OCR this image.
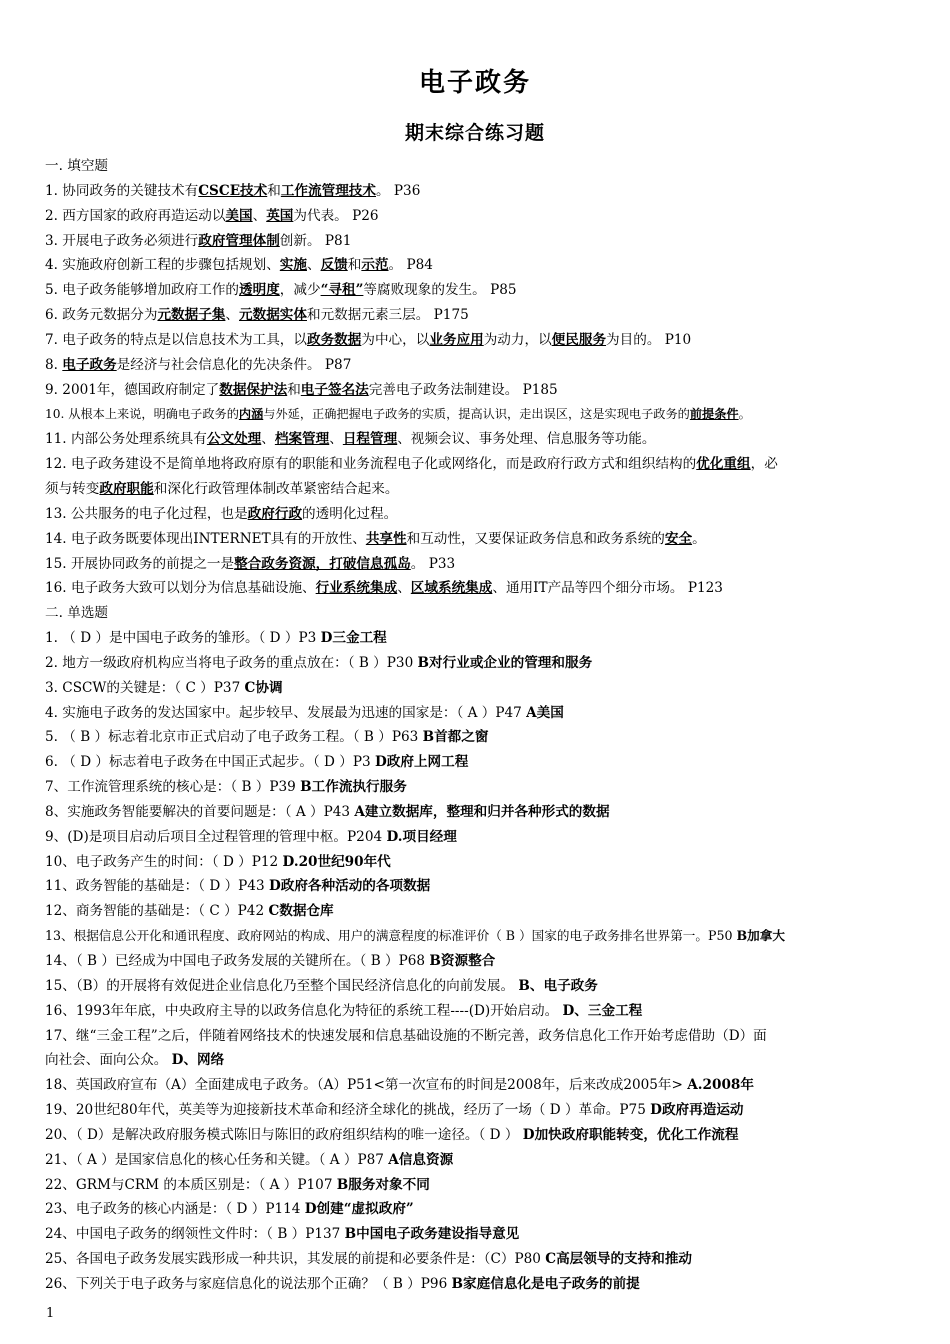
电子政务
期末综合练习题
一. 填空题
1. 协同政务的关键技术有CSCE技术和工作流管理技术。 P36
2. 西方国家的政府再造运动以美国、英国为代表。 P26
3. 开展电子政务必须进行政府管理体制创新。 P81
4. 实施政府创新工程的步骤包括规划、实施、反馈和示范。 P84
5. 电子政务能够增加政府工作的透明度，减少“寻租”等腐败现象的发生。 P85
6. 政务元数据分为元数据子集、元数据实体和元数据元素三层。 P175
7. 电子政务的特点是以信息技术为工具，以政务数据为中心，以业务应用为动力，以便民服务为目的。 P10
8. 电子政务是经济与社会信息化的先决条件。 P87
9. 2001年，德国政府制定了数据保护法和电子签名法完善电子政务法制建设。 P185
10. 从根本上来说，明确电子政务的内涵与外延，正确把握电子政务的实质，提高认识，走出误区，这是实现电子政务的前提条件。
11. 内部公务处理系统具有公文处理、档案管理、日程管理、视频会议、事务处理、信息服务等功能。
12. 电子政务建设不是简单地将政府原有的职能和业务流程电子化或网络化，而是政府行政方式和组织结构的优化重组，必
须与转变政府职能和深化行政管理体制改革紧密结合起来。
13. 公共服务的电子化过程，也是政府行政的透明化过程。
14. 电子政务既要体现出INTERNET具有的开放性、共享性和互动性，又要保证政务信息和政务系统的安全。
15. 开展协同政务的前提之一是整合政务资源，打破信息孤岛。 P33
16. 电子政务大致可以划分为信息基础设施、行业系统集成、区域系统集成、通用IT产品等四个细分市场。 P123
二. 单选题
1. （ D ）是中国电子政务的雏形。（ D ）P3 D三金工程
2. 地方一级政府机构应当将电子政务的重点放在：（ B ）P30 B对行业或企业的管理和服务
3. CSCW的关键是：（ C ）P37 C协调
4. 实施电子政务的发达国家中。起步较早、发展最为迅速的国家是：（ A ）P47 A美国
5. （ B ）标志着北京市正式启动了电子政务工程。（ B ）P63 B首都之窗
6. （ D ）标志着电子政务在中国正式起步。（ D ）P3 D政府上网工程
7、工作流管理系统的核心是：（ B ）P39 B工作流执行服务
8、实施政务智能要解决的首要问题是：（ A ）P43 A建立数据库，整理和归并各种形式的数据
9、(D)是项目启动后项目全过程管理的管理中枢。P204 D.项目经理
10、电子政务产生的时间：（ D ）P12 D.20世纪90年代
11、政务智能的基础是：（ D ）P43 D政府各种活动的各项数据
12、商务智能的基础是：（ C ）P42 C数据仓库
13、根据信息公开化和通讯程度、政府网站的构成、用户的满意程度的标准评价（ B ）国家的电子政务排名世界第一。P50 B加拿大
14、（ B ）已经成为中国电子政务发展的关键所在。（ B ）P68 B资源整合
15、（B）的开展将有效促进企业信息化乃至整个国民经济信息化的向前发展。 B、电子政务
16、1993年年底，中央政府主导的以政务信息化为特征的系统工程----(D)开始启动。 D、三金工程
17、继“三金工程”之后，伴随着网络技术的快速发展和信息基础设施的不断完善，政务信息化工作开始考虑借助（D）面
向社会、面向公众。 D、网络
18、英国政府宣布（A）全面建成电子政务。（A）P51<第一次宣布的时间是2008年，后来改成2005年> A.2008年
19、20世纪80年代，英美等为迎接新技术革命和经济全球化的挑战，经历了一场（ D ）革命。P75 D政府再造运动
20、（ D）是解决政府服务模式陈旧与陈旧的政府组织结构的唯一途径。（ D ） D加快政府职能转变，优化工作流程
21、（ A ）是国家信息化的核心任务和关键。（ A ）P87 A信息资源
22、GRM与CRM 的本质区别是：（ A ）P107 B服务对象不同
23、电子政务的核心内涵是：（ D ）P114 D创建“虚拟政府”
24、中国电子政务的纲领性文件时：（ B ）P137 B中国电子政务建设指导意见
25、各国电子政务发展实践形成一种共识，其发展的前提和必要条件是：（C）P80 C高层领导的支持和推动
26、下列关于电子政务与家庭信息化的说法那个正确？（ B ）P96 B家庭信息化是电子政务的前提
1
